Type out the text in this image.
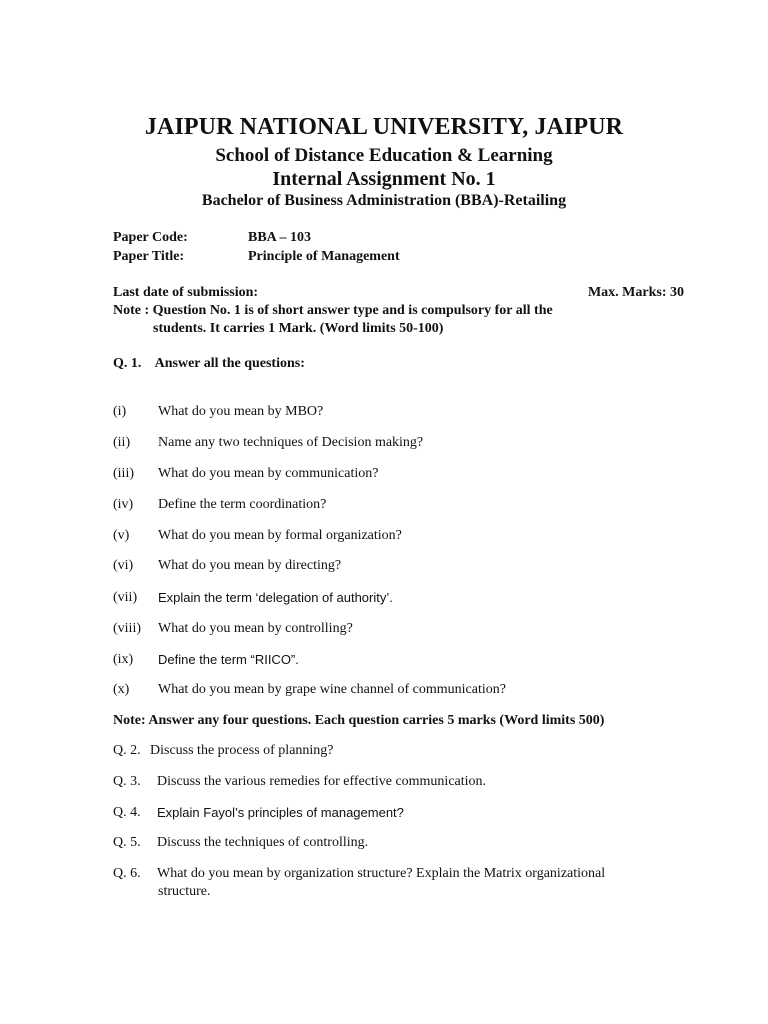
JAIPUR NATIONAL UNIVERSITY, JAIPUR
School of Distance Education & Learning
Internal Assignment No. 1
Bachelor of Business Administration (BBA)-Retailing
Paper Code:	BBA – 103
Paper Title:	Principle of Management
Last date of submission:	Max. Marks: 30
Note : Question No. 1 is of short answer type and is compulsory for all the
students. It carries 1 Mark. (Word limits 50-100)
Q. 1.    Answer all the questions:
(i) What do you mean by MBO?
(ii) Name any two techniques of Decision making?
(iii) What do you mean by communication?
(iv) Define the term coordination?
(v) What do you mean by formal organization?
(vi) What do you mean by directing?
(vii) Explain the term ‘delegation of authority’.
(viii) What do you mean by controlling?
(ix) Define the term “RIICO”.
(x) What do you mean by grape wine channel of communication?
Note: Answer any four questions. Each question carries 5 marks (Word limits 500)
Q. 2. Discuss the process of planning?
Q. 3. Discuss the various remedies for effective communication.
Q. 4. Explain Fayol’s principles of management?
Q. 5. Discuss the techniques of controlling.
Q. 6. What do you mean by organization structure? Explain the Matrix organizational
structure.
